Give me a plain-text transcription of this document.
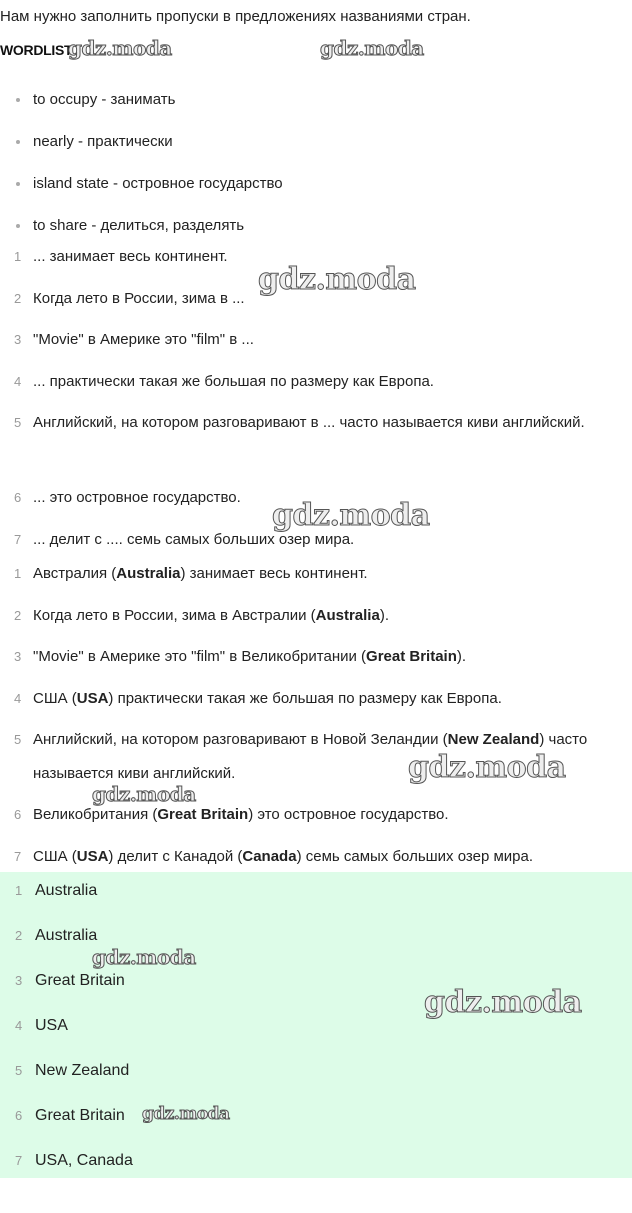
Нам нужно заполнить пропуски в предложениях названиями стран.
WORDLIST
to occupy - занимать
nearly - практически
island state - островное государство
to share - делиться, разделять
1 ... занимает весь континент.
2 Когда лето в России, зима в ...
3 "Movie" в Америке это "film" в ...
4 ... практически такая же большая по размеру как Европа.
5 Английский, на котором разговаривают в ... часто называется киви английский.
6 ... это островное государство.
7 ... делит с .... семь самых больших озер мира.
1 Австралия (Australia) занимает весь континент.
2 Когда лето в России, зима в Австралии (Australia).
3 "Movie" в Америке это "film" в Великобритании (Great Britain).
4 США (USA) практически такая же большая по размеру как Европа.
5 Английский, на котором разговаривают в Новой Зеландии (New Zealand) часто называется киви английский.
6 Великобритания (Great Britain) это островное государство.
7 США (USA) делит с Канадой (Canada) семь самых больших озер мира.
1 Australia
2 Australia
3 Great Britain
4 USA
5 New Zealand
6 Great Britain
7 USA, Canada
gdz.moda	gdz.moda
gdz.moda
gdz.moda
gdz.moda
gdz.moda
gdz.moda
gdz.moda
gdz.moda
